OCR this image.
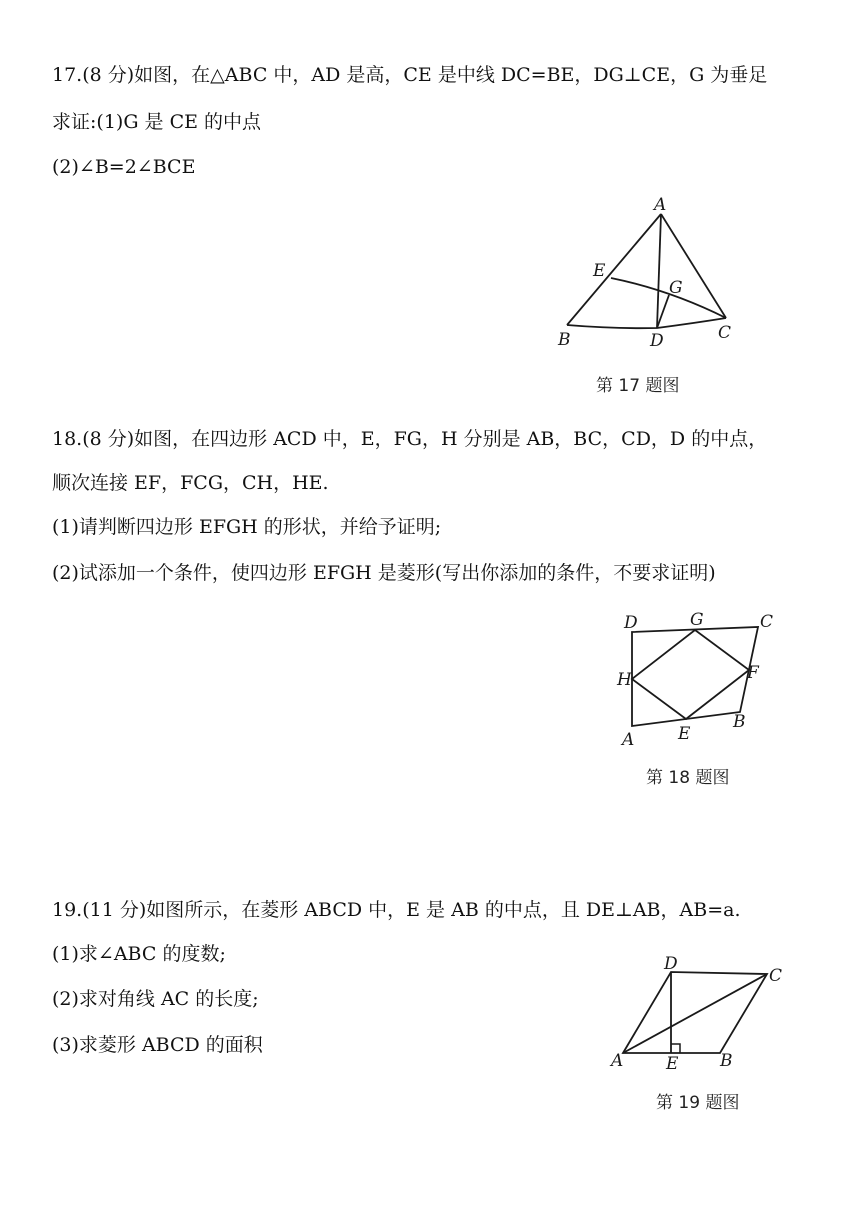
17.(8 分)如图，在△ABC 中，AD 是高，CE 是中线 DC=BE，DG⊥CE，G 为垂足
求证:(1)G 是 CE 的中点
(2)∠B=2∠BCE
A
B	C
D
E
G
第 17 题图
18.(8 分)如图，在四边形 ACD 中，E，FG，H 分别是 AB，BC，CD，D 的中点，
顺次连接 EF，FCG，CH，HE.
(1)请判断四边形 EFGH 的形状，并给予证明;
(2)试添加一个条件，使四边形 EFGH 是菱形(写出你添加的条件，不要求证明)
D	G	C
H	F
B
E
A
第 18 题图
19.(11 分)如图所示，在菱形 ABCD 中，E 是 AB 的中点，且 DE⊥AB，AB=a.
(1)求∠ABC 的度数;
(2)求对角线 AC 的长度;
(3)求菱形 ABCD 的面积
D
C
A	E B
第 19 题图
